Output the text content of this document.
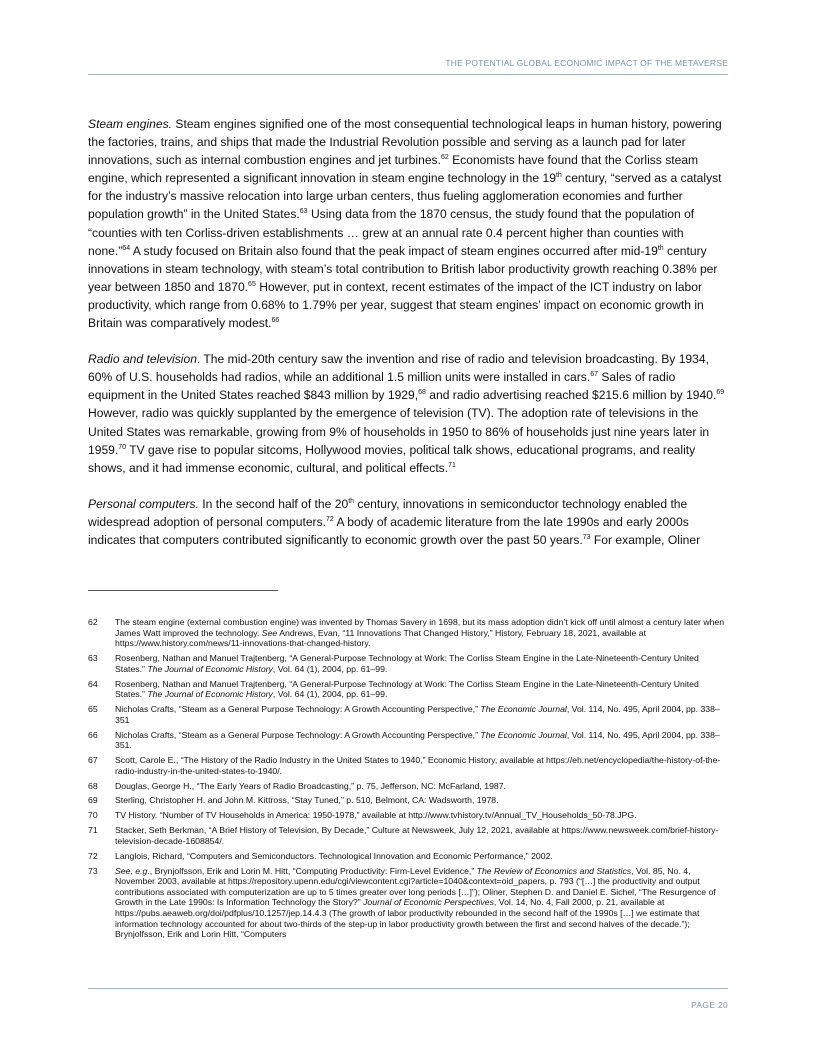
THE POTENTIAL GLOBAL ECONOMIC IMPACT OF THE METAVERSE

Steam engines. Steam engines signified one of the most consequential technological leaps in human history, powering the factories, trains, and ships that made the Industrial Revolution possible and serving as a launch pad for later innovations, such as internal combustion engines and jet turbines.$^{62}$ Economists have found that the Corliss steam engine, which represented a significant innovation in steam engine technology in the 19th century, “served as a catalyst for the industry’s massive relocation into large urban centers, thus fueling agglomeration economies and further population growth” in the United States.$^{63}$ Using data from the 1870 census, the study found that the population of “counties with ten Corliss-driven establishments … grew at an annual rate 0.4 percent higher than counties with none.”$^{64}$ A study focused on Britain also found that the peak impact of steam engines occurred after mid-19th century innovations in steam technology, with steam’s total contribution to British labor productivity growth reaching 0.38% per year between 1850 and 1870.65 However, put in context, recent estimates of the impact of the ICT industry on labor productivity, which range from 0.68% to 1.79% per year, suggest that steam engines’ impact on economic growth in Britain was comparatively modest.$^{66}$

Radio and television. The mid-20th century saw the invention and rise of radio and television broadcasting. By 1934, 60% of U.S. households had radios, while an additional 1.5 million units were installed in cars.$^{67}$ Sales of radio equipment in the United States reached $843 million by 1929,68 and radio advertising reached $215.6 million by 1940.69 However, radio was quickly supplanted by the emergence of television (TV). The adoption rate of televisions in the United States was remarkable, growing from 9% of households in 1950 to 86% of households just nine years later in 1959.70 TV gave rise to popular sitcoms, Hollywood movies, political talk shows, educational programs, and reality shows, and it had immense economic, cultural, and political effects.$^{71}$

Personal computers. In the second half of the 20th century, innovations in semiconductor technology enabled the widespread adoption of personal computers.$^{72}$ A body of academic literature from the late 1990s and early 2000s indicates that computers contributed significantly to economic growth over the past 50 years.$^{73}$ For example, Oliner

62	The steam engine (external combustion engine) was invented by Thomas Savery in 1698, but its mass adoption didn’t kick off until almost a century later when James Watt improved the technology. See Andrews, Evan, “11 Innovations That Changed History,” History, February 18, 2021, available at https://www.history.com/news/11-innovations-that-changed-history.
63	Rosenberg, Nathan and Manuel Trajtenberg, “A General-Purpose Technology at Work: The Corliss Steam Engine in the Late-Nineteenth-Century United States.” The Journal of Economic History, Vol. 64 (1), 2004, pp. 61–99.
64	Rosenberg, Nathan and Manuel Trajtenberg, “A General-Purpose Technology at Work: The Corliss Steam Engine in the Late-Nineteenth-Century United States.” The Journal of Economic History, Vol. 64 (1), 2004, pp. 61–99.
65	Nicholas Crafts, “Steam as a General Purpose Technology: A Growth Accounting Perspective,” The Economic Journal, Vol. 114, No. 495, April 2004, pp. 338–351
66	Nicholas Crafts, “Steam as a General Purpose Technology: A Growth Accounting Perspective,” The Economic Journal, Vol. 114, No. 495, April 2004, pp. 338–351.
67	Scott, Carole E., “The History of the Radio Industry in the United States to 1940,” Economic History, available at https://eh.net/encyclopedia/the-history-of-the-radio-industry-in-the-united-states-to-1940/.
68	Douglas, George H., “The Early Years of Radio Broadcasting,” p. 75, Jefferson, NC: McFarland, 1987.
69	Sterling, Christopher H. and John M. Kittross, “Stay Tuned,” p. 510, Belmont, CA: Wadsworth, 1978.
70	TV History. “Number of TV Households in America: 1950-1978,” available at http://www.tvhistory.tv/Annual_TV_Households_50-78.JPG.
71	Stacker, Seth Berkman, “A Brief History of Television, By Decade,” Culture at Newsweek, July 12, 2021, available at https://www.newsweek.com/brief-history-television-decade-1608854/.
72	Langlois, Richard, “Computers and Semiconductors. Technological Innovation and Economic Performance,” 2002.
73	See, e.g., Brynjolfsson, Erik and Lorin M. Hitt, “Computing Productivity: Firm-Level Evidence,” The Review of Economics and Statistics, Vol. 85, No. 4, November 2003, available at https://repository.upenn.edu/cgi/viewcontent.cgi?article=1040&context=oid_papers, p. 793 (“[…] the productivity and output contributions associated with computerization are up to 5 times greater over long periods […]”); Oliner, Stephen D. and Daniel E. Sichel, “The Resurgence of Growth in the Late 1990s: Is Information Technology the Story?” Journal of Economic Perspectives, Vol. 14, No. 4, Fall 2000, p. 21, available at https://pubs.aeaweb.org/doi/pdfplus/10.1257/jep.14.4.3 (The growth of labor productivity rebounded in the second half of the 1990s […] we estimate that information technology accounted for about two-thirds of the step-up in labor productivity growth between the first and second halves of the decade.”); Brynjolfsson, Erik and Lorin Hitt, “Computers
PAGE 20
